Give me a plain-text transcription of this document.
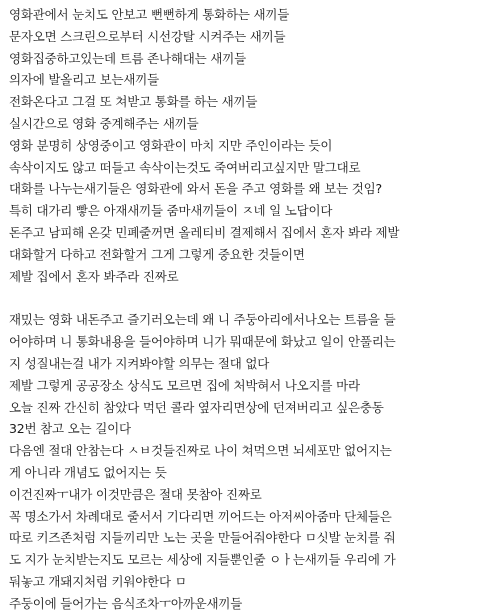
영화관에서 눈치도 안보고 뻔뻔하게 통화하는 새끼들
문자오면 스크린으로부터 시선강탈 시켜주는 새끼들
영화집중하고있는데 트름 존나해대는 새끼들
의자에 발올리고 보는새끼들
전화온다고 그걸 또 쳐받고 통화를 하는 새끼들
실시간으로 영화 중계해주는 새끼들
영화 분명히 상영중이고 영화관이 마치 지만 주인이라는 듯이
속삭이지도 않고 떠들고 속삭이는것도 죽여버리고싶지만 말그대로
대화를 나누는새기들은 영화관에 와서 돈을 주고 영화를 왜 보는 것임?
특히 대가리 빻은 아재새끼들 줌마새끼들이 ㅈ네 일 노답이다
돈주고 남피해 온갖 민폐줄꺼면 올레티비 결제해서 집에서 혼자 봐라 제발
대화할거 다하고 전화할거 그게 그렇게 중요한 것들이면
제발 집에서 혼자 봐주라 진짜로
재밌는 영화 내돈주고 즐기러오는데 왜 니 주둥아리에서나오는 트름을 들
어야하며 니 통화내용을 들어야하며 니가 뭐때문에 화났고 일이 안풀리는
지 성질내는걸 내가 지켜봐야할 의무는 절대 없다
제발 그렇게 공공장소 상식도 모르면 집에 처박혀서 나오지를 마라
오늘 진짜 간신히 참았다 먹던 콜라 옆자리면상에 던져버리고 싶은충동
32번 참고 오는 길이다
다음엔 절대 안참는다 ㅅㅂ것들진짜로 나이 쳐먹으면 뇌세포만 없어지는
게 아니라 개념도 없어지는 듯
이건진짜ㅜ내가 이것만큼은 절대 못참아 진짜로
꼭 명소가서 차례대로 줄서서 기다리면 끼어드는 아저씨아줌마 단체들은
따로 키즈존처럼 지들끼리만 노는 곳을 만들어줘야한다 ㅁ싯발 눈치를 줘
도 지가 눈치받는지도 모르는 세상에 지들뿐인줄 ㅇㅏ는새끼들 우리에 가
둬놓고 개돼지처럼 키워야한다 ㅁ
주둥이에 들어가는 음식조차ㅜ아까운새끼들
